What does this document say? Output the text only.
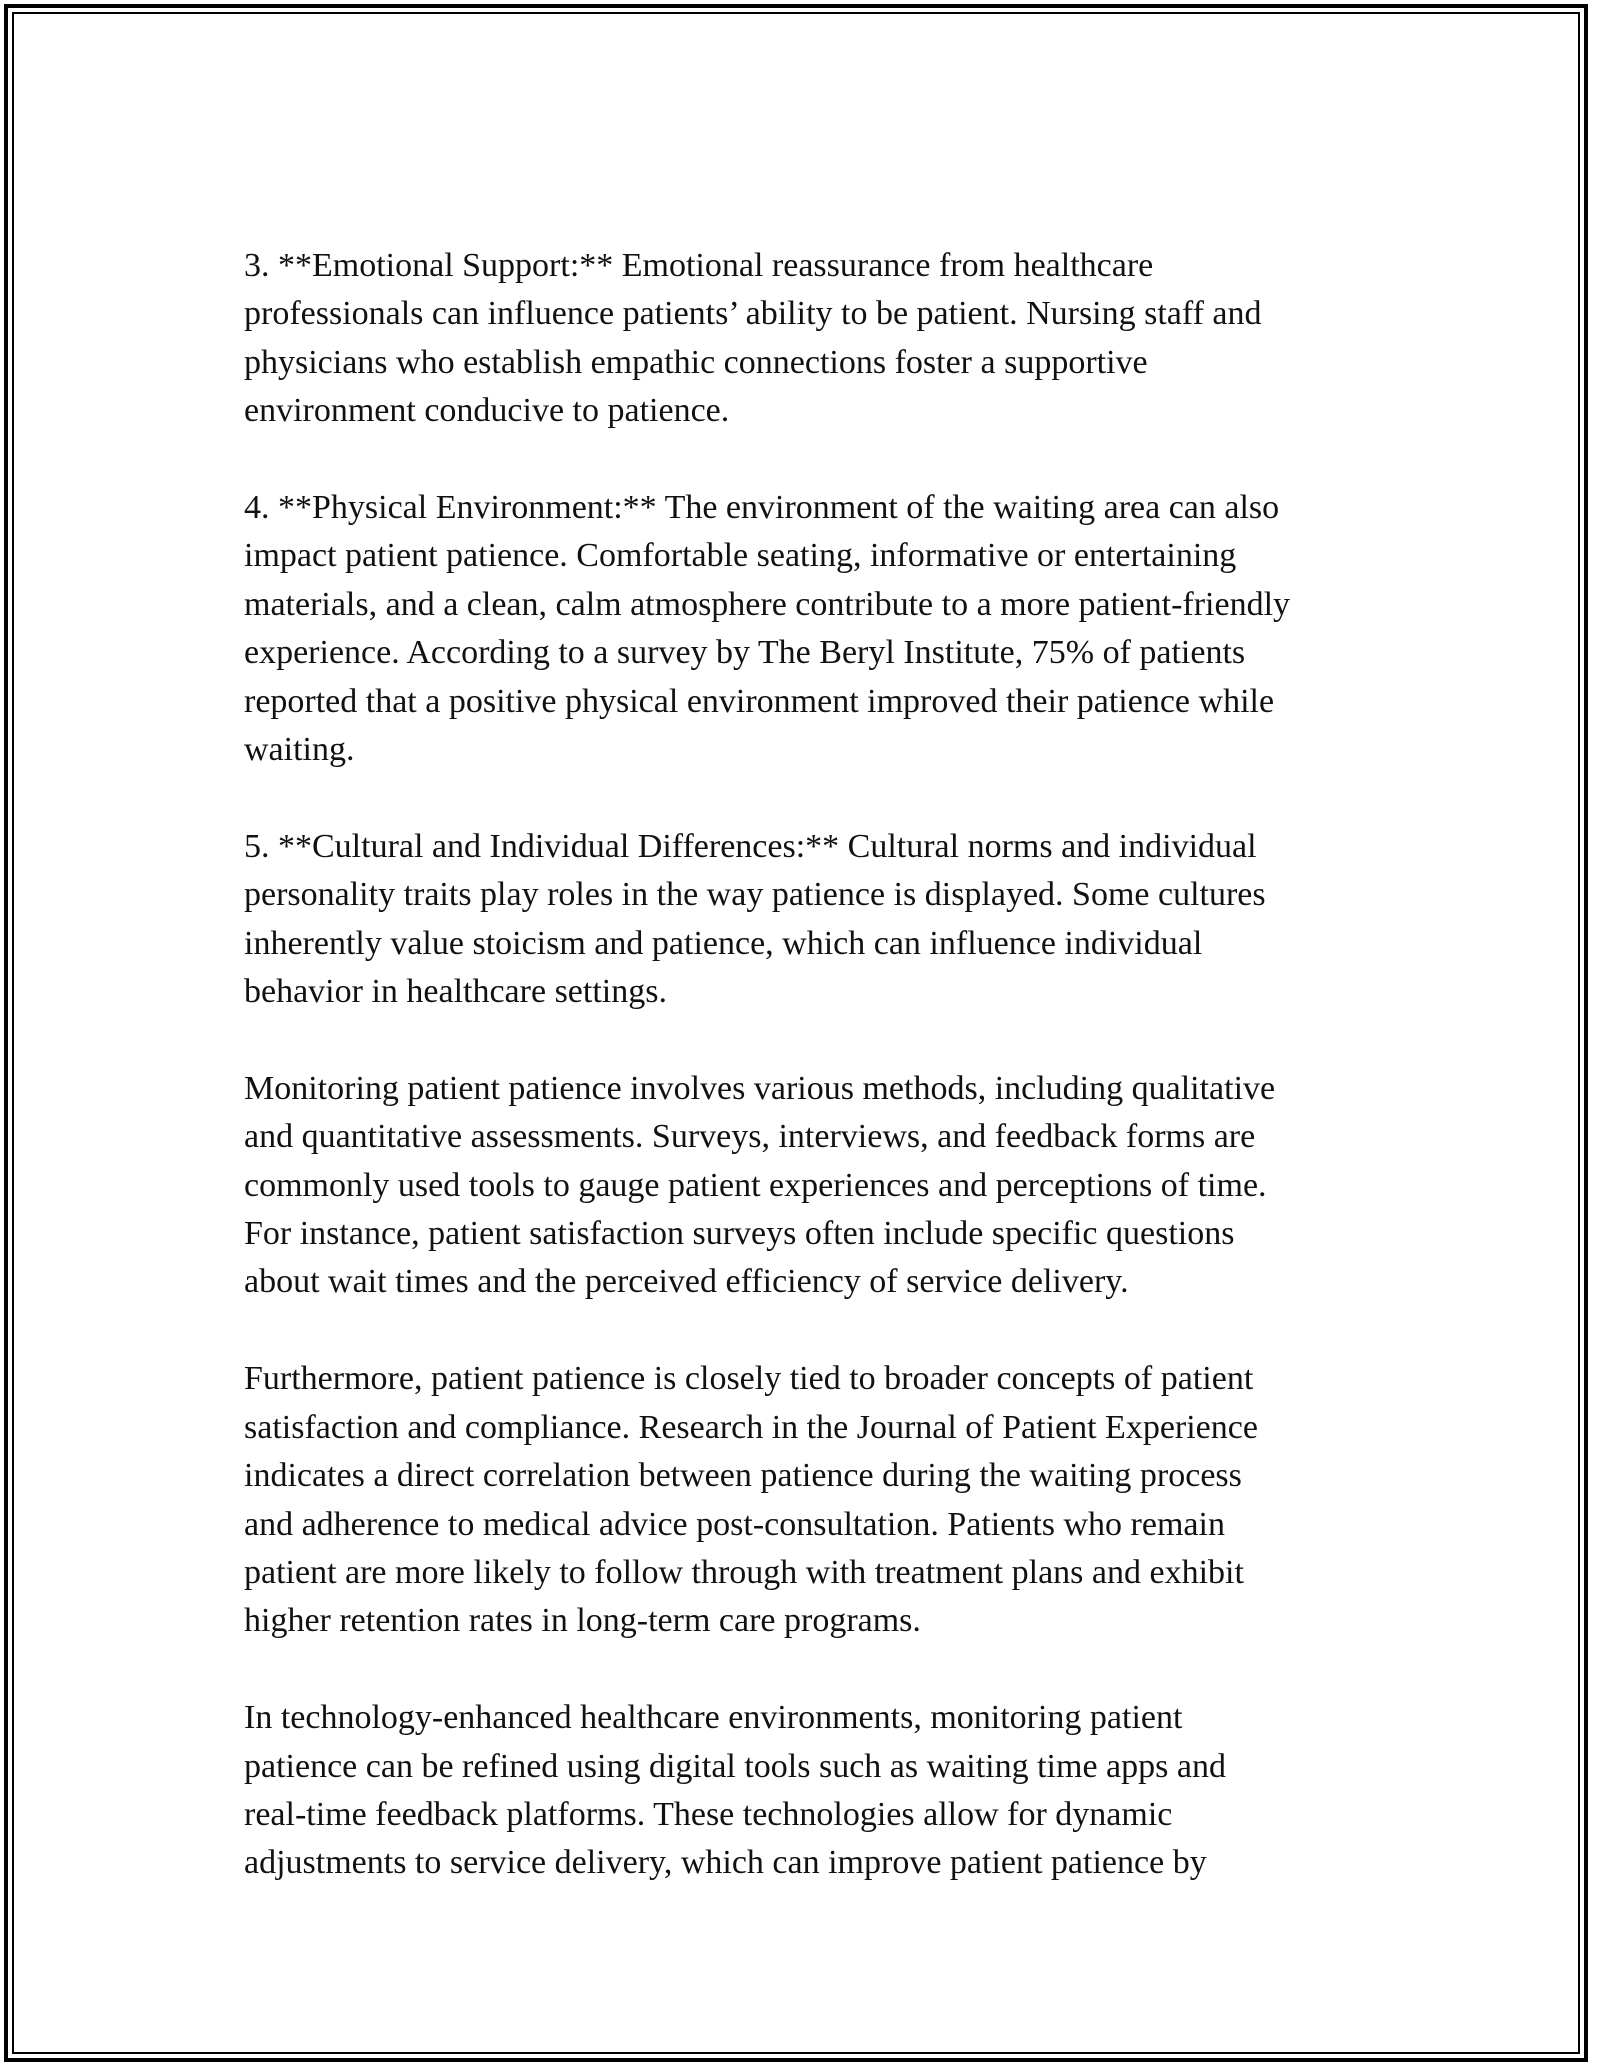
3. **Emotional Support:** Emotional reassurance from healthcare
professionals can influence patients’ ability to be patient. Nursing staff and
physicians who establish empathic connections foster a supportive
environment conducive to patience.

4. **Physical Environment:** The environment of the waiting area can also
impact patient patience. Comfortable seating, informative or entertaining
materials, and a clean, calm atmosphere contribute to a more patient-friendly
experience. According to a survey by The Beryl Institute, 75% of patients
reported that a positive physical environment improved their patience while
waiting.

5. **Cultural and Individual Differences:** Cultural norms and individual
personality traits play roles in the way patience is displayed. Some cultures
inherently value stoicism and patience, which can influence individual
behavior in healthcare settings.

Monitoring patient patience involves various methods, including qualitative
and quantitative assessments. Surveys, interviews, and feedback forms are
commonly used tools to gauge patient experiences and perceptions of time.
For instance, patient satisfaction surveys often include specific questions
about wait times and the perceived efficiency of service delivery.

Furthermore, patient patience is closely tied to broader concepts of patient
satisfaction and compliance. Research in the Journal of Patient Experience
indicates a direct correlation between patience during the waiting process
and adherence to medical advice post-consultation. Patients who remain
patient are more likely to follow through with treatment plans and exhibit
higher retention rates in long-term care programs.

In technology-enhanced healthcare environments, monitoring patient
patience can be refined using digital tools such as waiting time apps and
real-time feedback platforms. These technologies allow for dynamic
adjustments to service delivery, which can improve patient patience by
